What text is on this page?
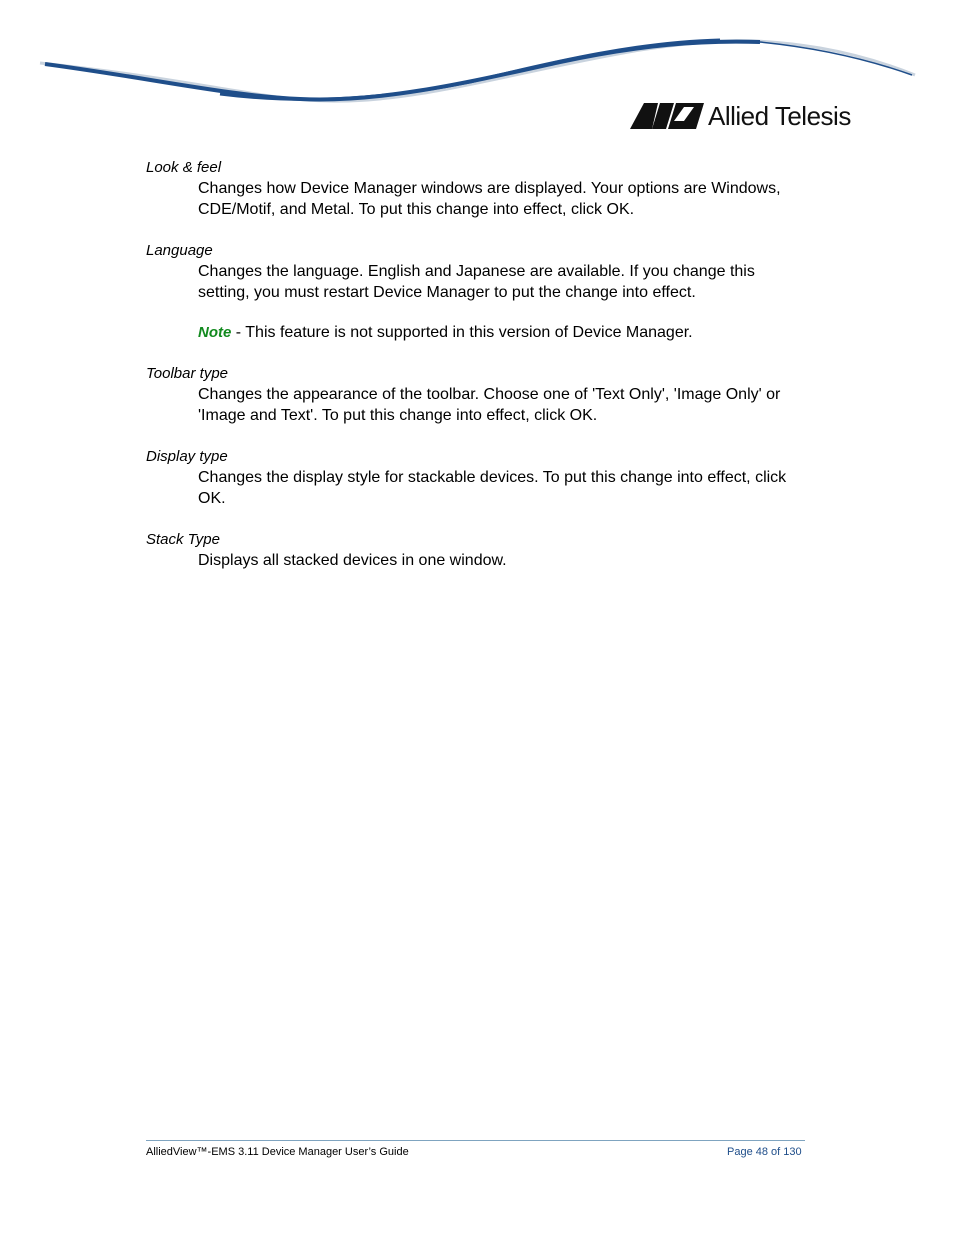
Allied Telesis

Look & feel

Changes how Device Manager windows are displayed. Your options are Windows, CDE/Motif, and Metal. To put this change into effect, click OK.

Language

Changes the language. English and Japanese are available. If you change this setting, you must restart Device Manager to put the change into effect.

Note - This feature is not supported in this version of Device Manager.

Toolbar type

Changes the appearance of the toolbar. Choose one of 'Text Only', 'Image Only' or 'Image and Text'. To put this change into effect, click OK.

Display type

Changes the display style for stackable devices. To put this change into effect, click OK.

Stack Type

Displays all stacked devices in one window.

AlliedView™-EMS 3.11 Device Manager User’s Guide	Page 48 of 130
